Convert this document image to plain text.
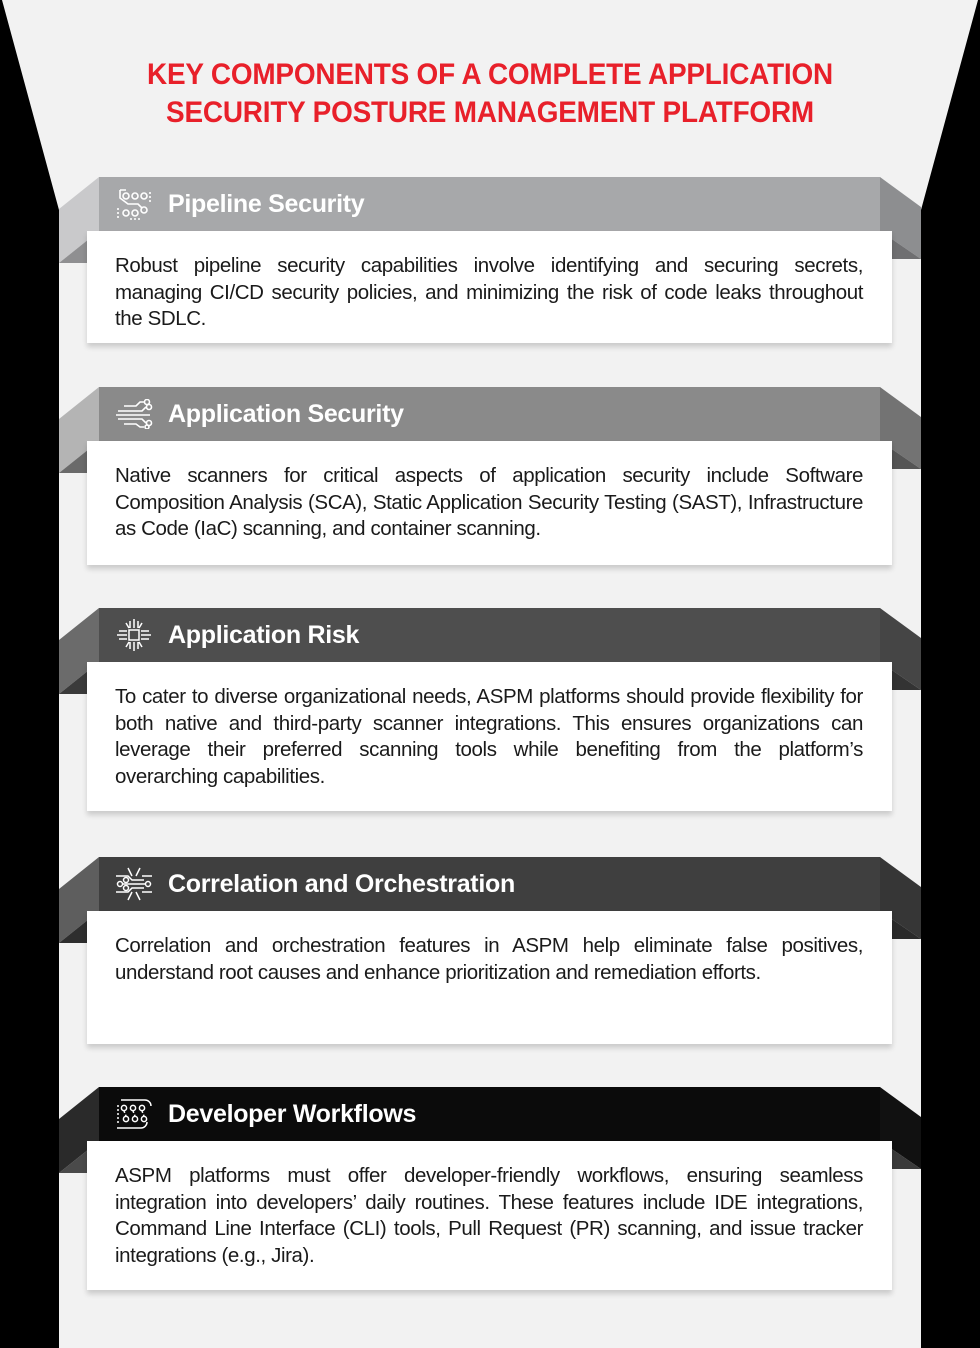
KEY COMPONENTS OF A COMPLETE APPLICATION
SECURITY POSTURE MANAGEMENT PLATFORM
Pipeline Security

Robust pipeline security capabilities involve identifying and securing secrets, managing CI/CD security policies, and minimizing the risk of code leaks throughout the SDLC.

Application Security

Native scanners for critical aspects of application security include Software Composition Analysis (SCA), Static Application Security Testing (SAST), Infrastructure as Code (IaC) scanning, and container scanning.

Application Risk

To cater to diverse organizational needs, ASPM platforms should provide flexibility for both native and third-party scanner integrations. This ensures organizations can leverage their preferred scanning tools while benefiting from the platform’s overarching capabilities.

Correlation and Orchestration

Correlation and orchestration features in ASPM help eliminate false positives, understand root causes and enhance prioritization and remediation efforts.

Developer Workflows

ASPM platforms must offer developer-friendly workflows, ensuring seamless integration into developers’ daily routines. These features include IDE integrations, Command Line Interface (CLI) tools, Pull Request (PR) scanning, and issue tracker integrations (e.g., Jira).
